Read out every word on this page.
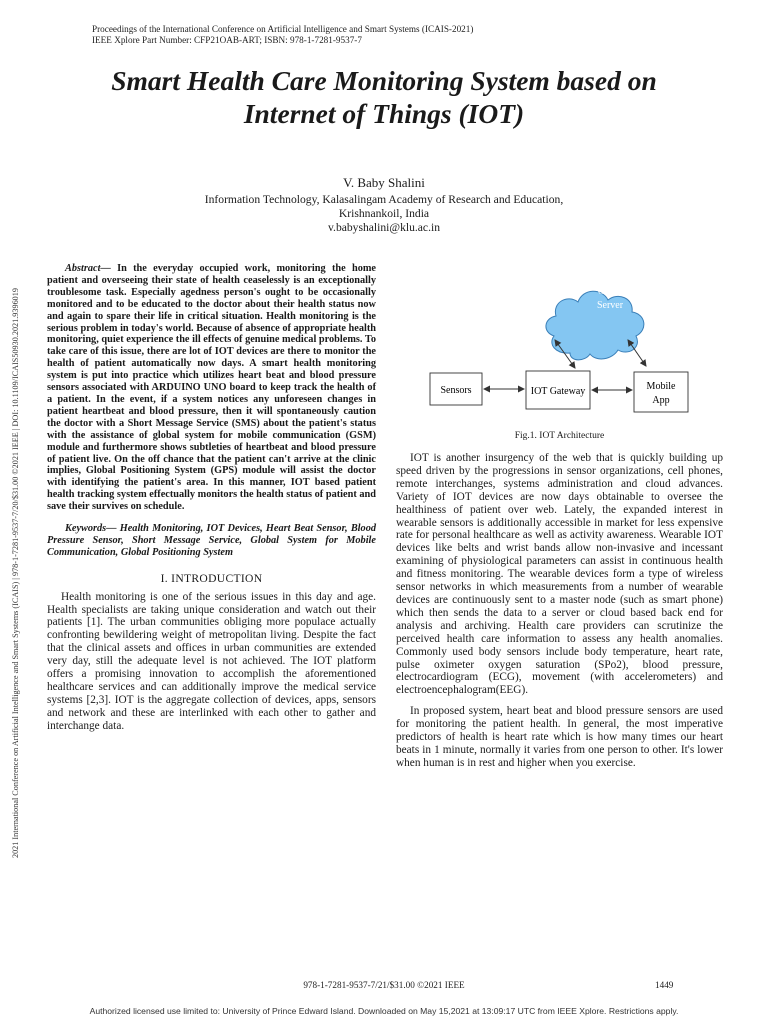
Proceedings of the International Conference on Artificial Intelligence and Smart Systems (ICAIS-2021)
IEEE Xplore Part Number: CFP21OAB-ART; ISBN: 978-1-7281-9537-7
Smart Health Care Monitoring System based on
Internet of Things (IOT)
V. Baby Shalini
Information Technology, Kalasalingam Academy of Research and Education,
Krishnankoil, India
v.babyshalini@klu.ac.in
2021 International Conference on Artificial Intelligence and Smart Systems (ICAIS) | 978-1-7281-9537-7/20/$31.00 ©2021 IEEE | DOI: 10.1109/ICAIS50930.2021.9396019
Abstract— In the everyday occupied work, monitoring the home patient and overseeing their state of health ceaselessly is an exceptionally troublesome task. Especially agedness person's ought to be occasionally monitored and to be educated to the doctor about their health status now and again to spare their life in critical situation. Health monitoring is the serious problem in today's world. Because of absence of appropriate health monitoring, quiet experience the ill effects of genuine medical problems. To take care of this issue, there are lot of IOT devices are there to monitor the health of patient automatically now days. A smart health monitoring system is put into practice which utilizes heart beat and blood pressure sensors associated with ARDUINO UNO board to keep track the health of a patient. In the event, if a system notices any unforeseen changes in patient heartbeat and blood pressure, then it will spontaneously caution the doctor with a Short Message Service (SMS) about the patient's status with the assistance of global system for mobile communication (GSM) module and furthermore shows subtleties of heartbeat and blood pressure of patient live. On the off chance that the patient can't arrive at the clinic implies, Global Positioning System (GPS) module will assist the doctor with identifying the patient's area. In this manner, IOT based patient health tracking system effectually monitors the health status of patient and save their survives on schedule.
Keywords— Health Monitoring, IOT Devices, Heart Beat Sensor, Blood Pressure Sensor, Short Message Service, Global System for Mobile Communication, Global Positioning System
I. INTRODUCTION
Health monitoring is one of the serious issues in this day and age. Health specialists are taking unique consideration and watch out their patients [1]. The urban communities obliging more populace actually confronting bewildering weight of metropolitan living. Despite the fact that the clinical assets and offices in urban communities are extended very day, still the adequate level is not achieved. The IOT platform offers a promising innovation to accomplish the aforementioned healthcare services and can additionally improve the medical service systems [2,3]. IOT is the aggregate collection of devices, apps, sensors and network and these are interlinked with each other to gather and interchange data.
Cloud
Server
Sensors	IOT Gateway	Mobile
App
Fig.1. IOT Architecture

IOT is another insurgency of the web that is quickly building up speed driven by the progressions in sensor organizations, cell phones, remote interchanges, systems administration and cloud advances. Variety of IOT devices are now days obtainable to oversee the healthiness of patient over web. Lately, the expanded interest in wearable sensors is additionally accessible in market for less expensive rate for personal healthcare as well as activity awareness. Wearable IOT devices like belts and wrist bands allow non-invasive and incessant examining of physiological parameters can assist in continuous health and fitness monitoring. The wearable devices form a type of wireless sensor networks in which measurements from a number of wearable devices are continuously sent to a master node (such as smart phone) which then sends the data to a server or cloud based back end for analysis and archiving. Health care providers can scrutinize the perceived health care information to assess any health anomalies. Commonly used body sensors include body temperature, heart rate, pulse oximeter oxygen saturation (SPo2), blood pressure, electrocardiogram (ECG), movement (with accelerometers) and electroencephalogram(EEG).

In proposed system, heart beat and blood pressure sensors are used for monitoring the patient health. In general, the most imperative predictors of health is heart rate which is how many times our heart beats in 1 minute, normally it varies from one person to other. It's lower when human is in rest and higher when you exercise.

978-1-7281-9537-7/21/$31.00 ©2021 IEEE	1449
Authorized licensed use limited to: University of Prince Edward Island. Downloaded on May 15,2021 at 13:09:17 UTC from IEEE Xplore. Restrictions apply.
